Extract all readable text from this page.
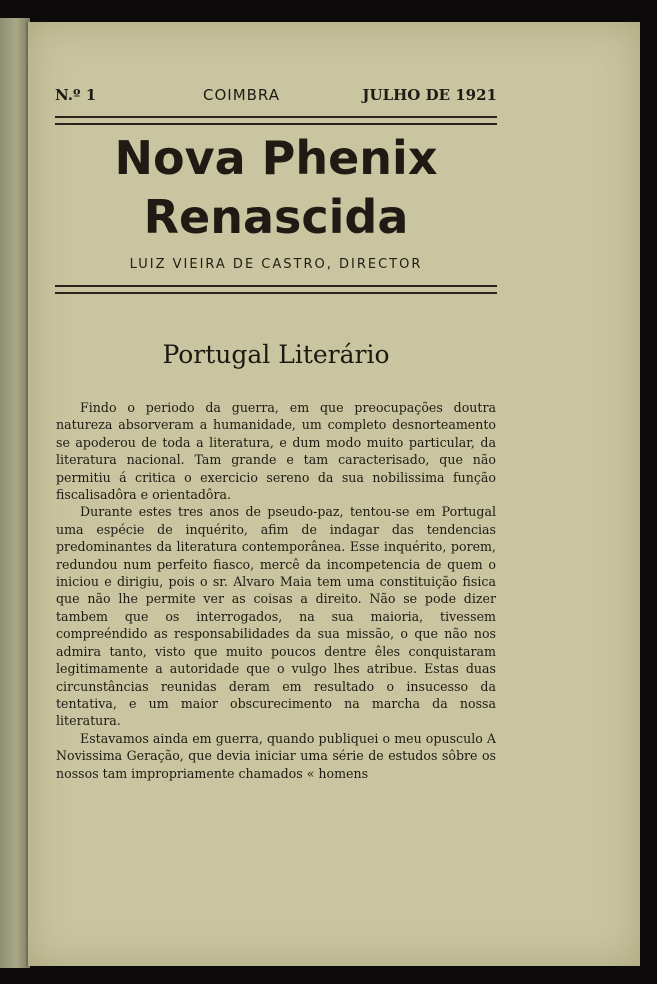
N.º 1	COIMBRA	JULHO DE 1921
Nova Phenix
Renascida
LUIZ VIEIRA DE CASTRO, DIRECTOR
Portugal Literário

Findo o periodo da guerra, em que preocupações doutra natureza absorveram a humanidade, um completo desnorteamento se apoderou de toda a literatura, e dum modo muito particular, da literatura nacional. Tam grande e tam caracterisado, que não permitiu á critica o exercicio sereno da sua nobilissima função fiscalisadôra e orientadôra.

Durante estes tres anos de pseudo-paz, tentou-se em Portugal uma espécie de inquérito, afim de indagar das tendencias predominantes da literatura contemporânea. Esse inquérito, porem, redundou num perfeito fiasco, mercê da incompetencia de quem o iniciou e dirigiu, pois o sr. Alvaro Maia tem uma constituição fisica que não lhe permite ver as coisas a direito. Não se pode dizer tambem que os interrogados, na sua maioria, tivessem compreéndido as responsabilidades da sua missão, o que não nos admira tanto, visto que muito poucos dentre êles conquistaram legitimamente a autoridade que o vulgo lhes atribue. Estas duas circunstâncias reunidas deram em resultado o insucesso da tentativa, e um maior obscurecimento na marcha da nossa literatura.

Estavamos ainda em guerra, quando publiquei o meu opusculo A Novissima Geração, que devia iniciar uma série de estudos sôbre os nossos tam impropriamente chamados « homens
